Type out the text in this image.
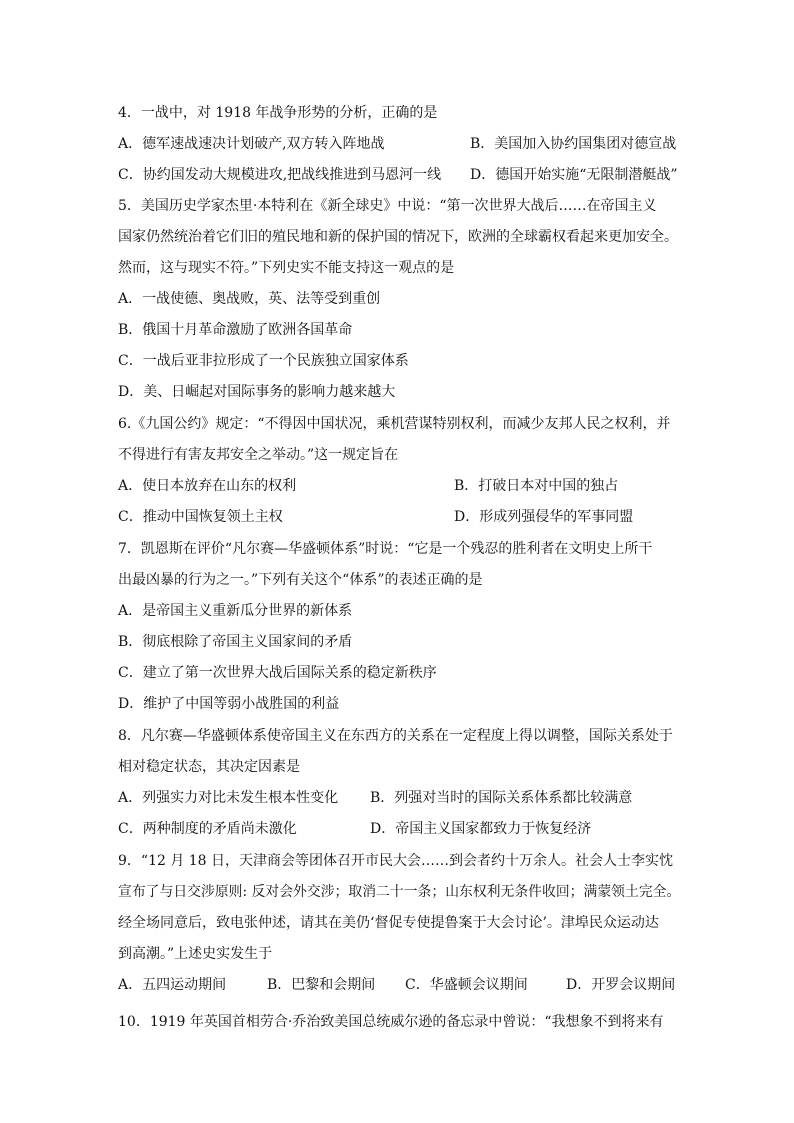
4．一战中，对 1918 年战争形势的分析，正确的是
A．德军速战速决计划破产,双方转入阵地战	B．美国加入协约国集团对德宣战
C．协约国发动大规模进攻,把战线推进到马恩河一线 D．德国开始实施“无限制潜艇战”
5．美国历史学家杰里·本特利在《新全球史》中说：“第一次世界大战后……在帝国主义
国家仍然统治着它们旧的殖民地和新的保护国的情况下，欧洲的全球霸权看起来更加安全。
然而，这与现实不符。”下列史实不能支持这一观点的是
A．一战使德、奥战败，英、法等受到重创
B．俄国十月革命激励了欧洲各国革命
C．一战后亚非拉形成了一个民族独立国家体系
D．美、日崛起对国际事务的影响力越来越大
6.《九国公约》规定：“不得因中国状况，乘机营谋特别权利，而减少友邦人民之权利，并
不得进行有害友邦安全之举动。”这一规定旨在
A．使日本放弃在山东的权利	B．打破日本对中国的独占
C．推动中国恢复领土主权	D．形成列强侵华的军事同盟
7．凯恩斯在评价“凡尔赛—华盛顿体系”时说：“它是一个残忍的胜利者在文明史上所干
出最凶暴的行为之一。”下列有关这个“体系”的表述正确的是
A．是帝国主义重新瓜分世界的新体系
B．彻底根除了帝国主义国家间的矛盾
C．建立了第一次世界大战后国际关系的稳定新秩序
D．维护了中国等弱小战胜国的利益
8．凡尔赛—华盛顿体系使帝国主义在东西方的关系在一定程度上得以调整，国际关系处于
相对稳定状态，其决定因素是
A．列强实力对比未发生根本性变化 B．列强对当时的国际关系体系都比较满意
C．两种制度的矛盾尚未激化	D．帝国主义国家都致力于恢复经济
9．“12 月 18 日，天津商会等团体召开市民大会……到会者约十万余人。社会人士李实忱
宣布了与日交涉原则: 反对会外交涉；取消二十一条；山东权利无条件收回；满蒙领土完全。
经全场同意后，致电张仲述，请其在美仍‘督促专使提鲁案于大会讨论’。津埠民众运动达
到高潮。”上述史实发生于
A．五四运动期间	B．巴黎和会期间 C．华盛顿会议期间	D．开罗会议期间
10．1919 年英国首相劳合·乔治致美国总统威尔逊的备忘录中曾说：“我想象不到将来有
